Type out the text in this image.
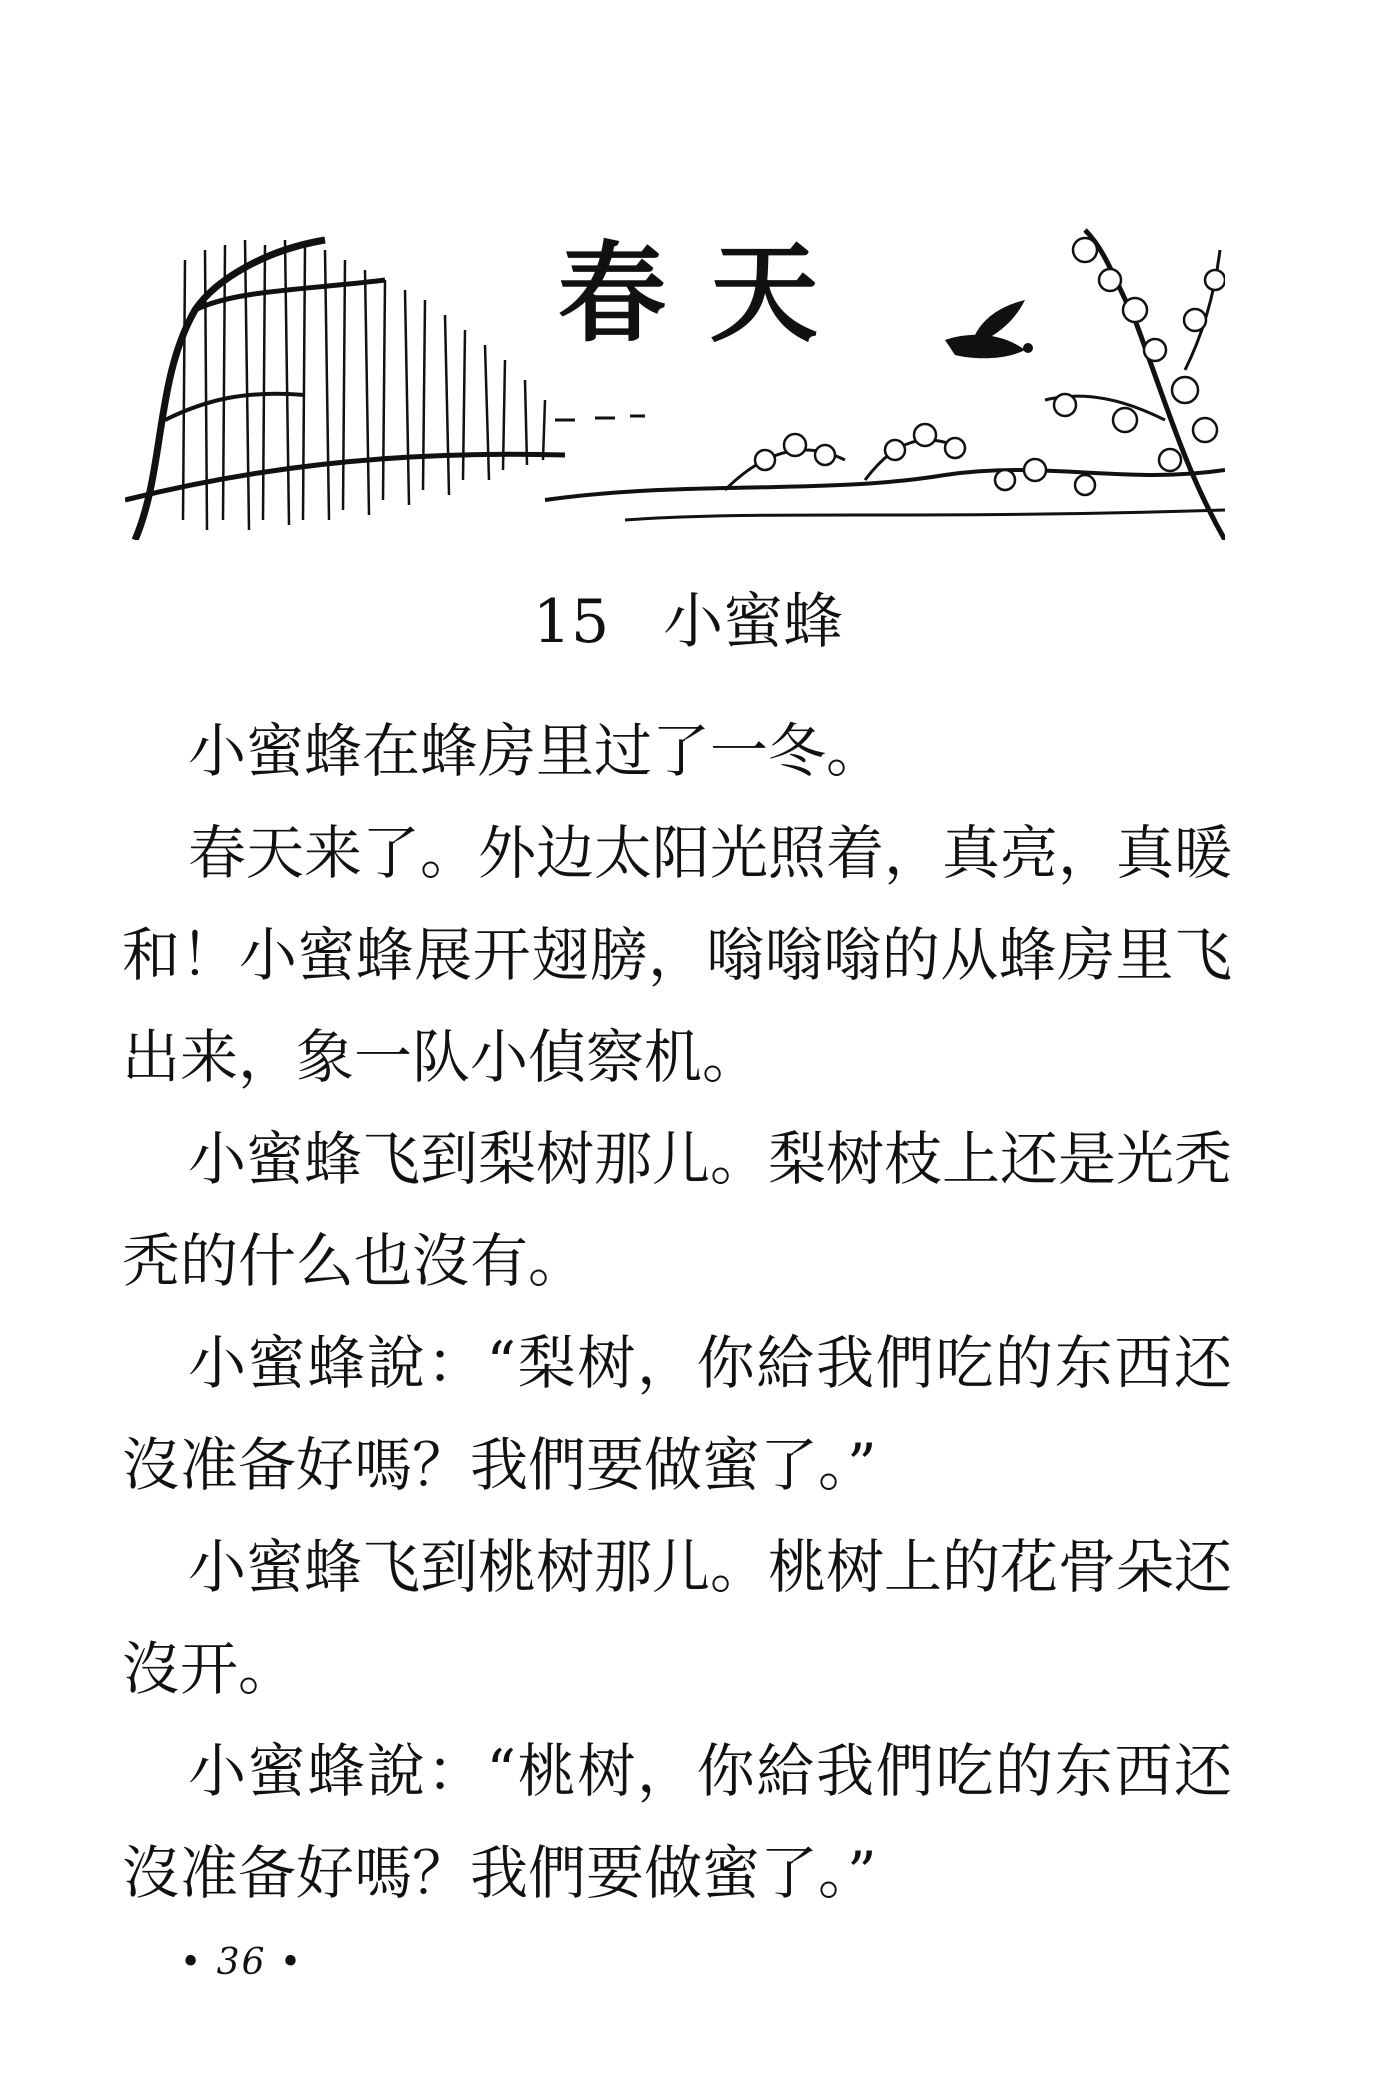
春天
15 小蜜蜂

小蜜蜂在蜂房里过了一冬。

春天来了。外边太阳光照着，真亮，真暖和！小蜜蜂展开翅膀，嗡嗡嗡的从蜂房里飞出来，象一队小偵察机。

小蜜蜂飞到梨树那儿。梨树枝上还是光秃秃的什么也沒有。

小蜜蜂說：“梨树，你給我們吃的东西还沒准备好嗎？我們要做蜜了。”

小蜜蜂飞到桃树那儿。桃树上的花骨朵还沒开。

小蜜蜂說：“桃树，你給我們吃的东西还沒准备好嗎？我們要做蜜了。”

• 36 •
